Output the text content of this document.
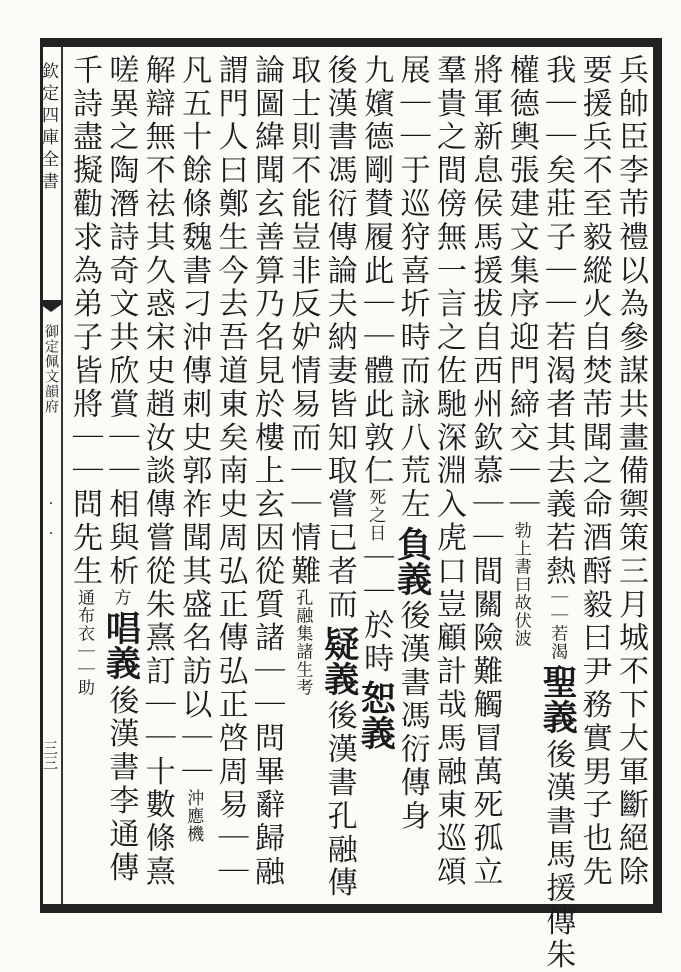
欽定四庫全書
御定佩文韻府
・
・
三三	兵帥臣李芾禮以為參謀共畫備禦策三月城不下大軍斷絕除
要援兵不至毅縱火自焚芾聞之命酒酹毅曰尹務實男子也先
我｜｜矣莊子｜｜若渴者其去義若熱｜｜若渴聖義後漢書馬援傳朱
權德輿張建文集序迎門締交｜｜勃上書曰故伏波
將軍新息侯馬援拔自西州欽慕｜｜間關險難觸冒萬死孤立
羣貴之間傍無一言之佐馳深淵入虎口豈顧計哉馬融東巡頌
展｜｜于巡狩喜圻時而詠八荒左負義後漢書馮衍傳身
九嬪德剛賛履此｜｜體此敦仁死之日｜｜於時恕義
後漢書馮衍傳論夫納妻皆知取嘗已者而疑義後漢書孔融傳
取士則不能豈非反妒情易而｜｜情難孔融集諸生考
論圖緯聞玄善算乃名見於樓上玄因從質諸｜｜問畢辭歸融
謂門人曰鄭生今去吾道東矣南史周弘正傳弘正啓周易｜｜
凡五十餘條魏書刁沖傳刺史郭祚聞其盛名訪以｜｜沖應機
解辯無不祛其久惑宋史趙汝談傳嘗從朱熹訂｜｜十數條熹
嗟異之陶潛詩奇文共欣賞｜｜相與析方唱義後漢書李通傳
千詩盡擬勸求為弟子皆將｜｜問先生通布衣｜｜助
